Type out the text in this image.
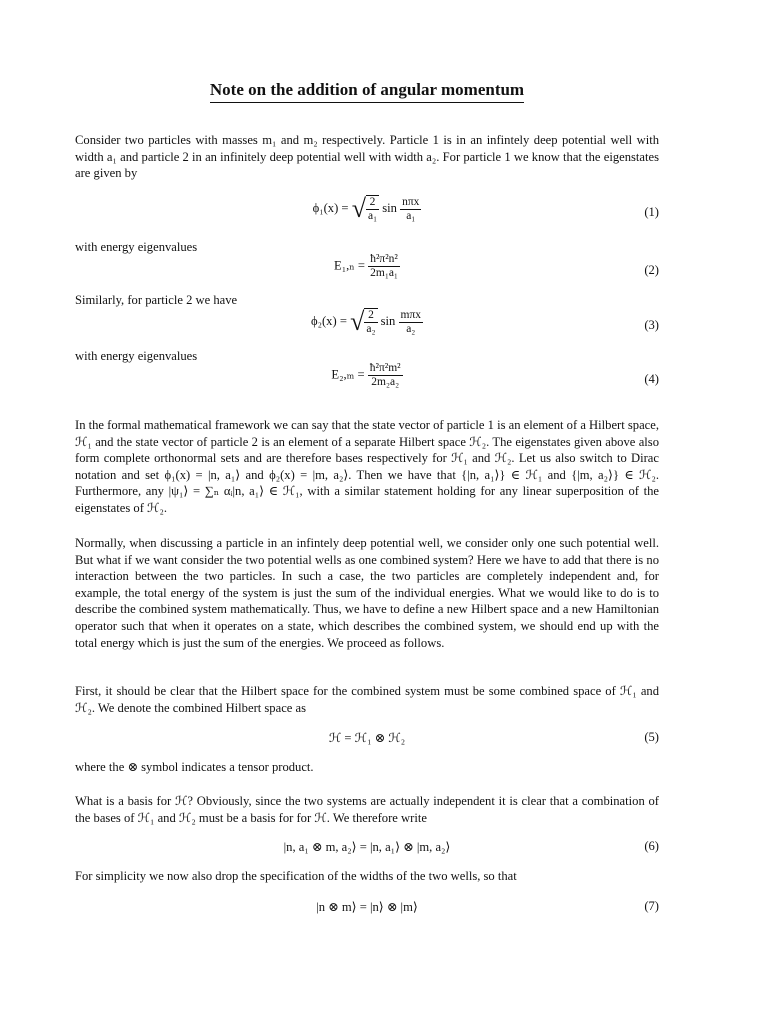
Note on the addition of angular momentum

Consider two particles with masses m₁ and m₂ respectively. Particle 1 is in an infintely deep potential well with width a₁ and particle 2 in an infinitely deep potential well with width a₂. For particle 1 we know that the eigenstates are given by

ϕ₁(x) = √ $\frac{2}{\text{a₁}}$ $\sin \frac{\text{nπx}}{\text{a₁}}$	(1)

with energy eigenvalues

$E_1,_n = \frac{\text{ħ²π²n²}}{\text{2m₁a₁}}$	(2)

Similarly, for particle 2 we have

ϕ₂(x) = √ $\frac{2}{\text{a₂}}$ $\sin \frac{\text{mπx}}{\text{a₂}}$	(3)

with energy eigenvalues

$E_2,_m = \frac{\text{ħ²π²m²}}{\text{2m₂a₂}}$	(4)

In the formal mathematical framework we can say that the state vector of particle 1 is an element of a Hilbert space, ℋ₁ and the state vector of particle 2 is an element of a separate Hilbert space ℋ₂. The eigenstates given above also form complete orthonormal sets and are therefore bases respectively for ℋ₁ and ℋ₂. Let us also switch to Dirac notation and set ϕ₁(x) = |n, a₁⟩ and ϕ₂(x) = |m, a₂⟩. Then we have that {|n, a₁⟩} ∈ ℋ₁ and {|m, a₂⟩} ∈ ℋ₂. Furthermore, any |ψ₁⟩ = ∑ₙ αᵢ|n, a₁⟩ ∈ ℋ₁, with a similar statement holding for any linear superposition of the eigenstates of ℋ₂.

Normally, when discussing a particle in an infintely deep potential well, we consider only one such potential well. But what if we want consider the two potential wells as one combined system? Here we have to add that there is no interaction between the two particles. In such a case, the two particles are completely independent and, for example, the total energy of the system is just the sum of the individual energies. What we would like to do is to describe the combined system mathematically. Thus, we have to define a new Hilbert space and a new Hamiltonian operator such that when it operates on a state, which describes the combined system, we should end up with the total energy which is just the sum of the energies. We proceed as follows.

First, it should be clear that the Hilbert space for the combined system must be some combined space of ℋ₁ and ℋ₂. We denote the combined Hilbert space as

ℋ = ℋ₁ ⊗ ℋ₂	(5)

where the ⊗ symbol indicates a tensor product.

What is a basis for ℋ? Obviously, since the two systems are actually independent it is clear that a combination of the bases of ℋ₁ and ℋ₂ must be a basis for for ℋ. We therefore write

|n, a₁ ⊗ m, a₂⟩ = |n, a₁⟩ ⊗ |m, a₂⟩	(6)

For simplicity we now also drop the specification of the widths of the two wells, so that

|n ⊗ m⟩ = |n⟩ ⊗ |m⟩	(7)
